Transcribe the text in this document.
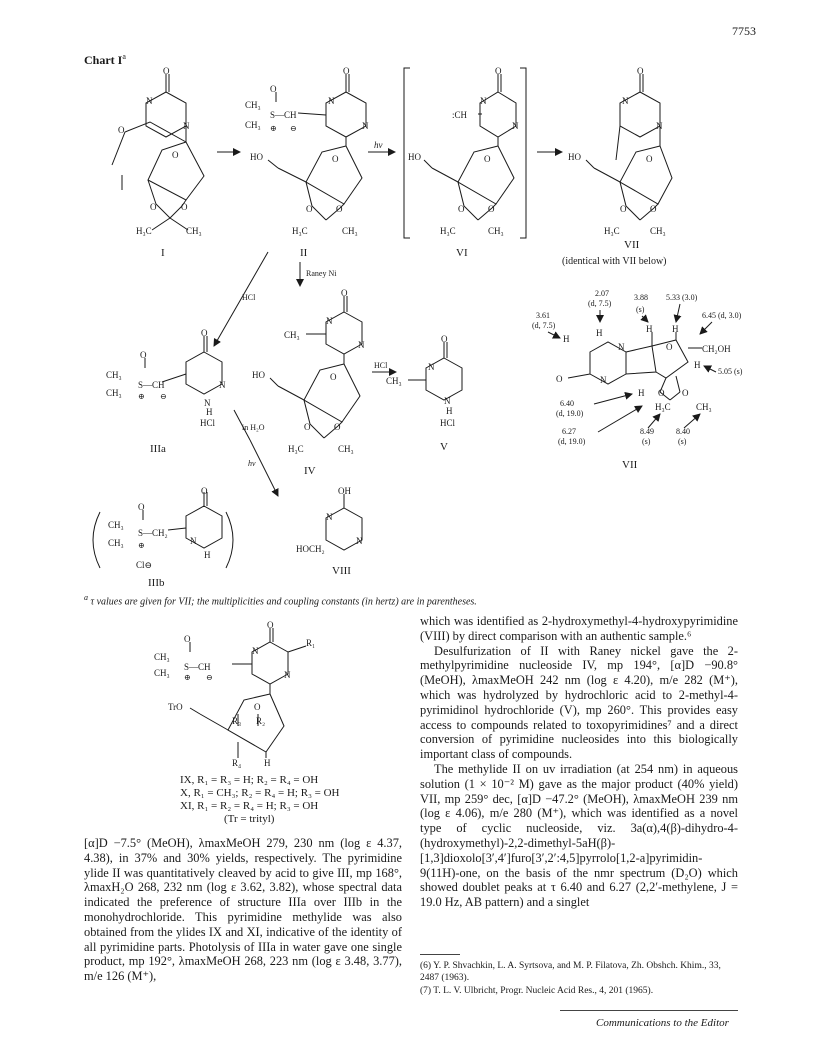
7753
Chart $I^a$
O
N
N
O
O
O	O
H₃C	CH₃
I
O
N
N
CH₃
CH₃
S—CH
O
⊕ ⊖
HO	O
O	O
H₃C	CH₃
II
hν
O
N
N
:CH
HO	O
O	O
H₃C	CH₃
VI
O
N
N
HO	O
O	O
H₃C	CH₃
VII
(identical with VII below)
HCl
Raney Ni
O
N
N
H
HCl
CH₃
CH₃
S—CH
O
⊕ ⊖
IIIa
in H₂O
hν
O
N
N
CH₃
HO	O
O	O
H₃C	CH₃
IV
HCl
O
N
N
H
CH₃
HCl
V
O	N
N
H
H	H H
O	CH₂OH
H
H
H₃C	CH₃
O O
2.07
(d, 7.5)
3.61
(d, 7.5)
3.88
(s)
5.33 (3.0)
6.45 (d, 3.0)
5.05 (s)
6.40
(d, 19.0)
6.27
(d, 19.0)
8.49
(s)
8.40
(s)
VII
O
N
H
CH₃
CH₃
S—CH₂
O
⊕
Cl⊖
IIIb
OH
N
N
HOCH₂
VIII
$^a$ τ values are given for VII; the multiplicities and coupling constants (in hertz) are in parentheses.
O
N
N
R₁
CH₃
CH₃
S—CH
O
⊕ ⊖
TrO	O
R₃ R₂
R₄	H
IX, R₁ = R₃ = H; R₂ = R₄ = OH
X, R₁ = CH₃; R₂ = R₄ = H; R₃ = OH
XI, R₁ = R₂ = R₄ = H; R₃ = OH
(Tr = trityl)

[α]D −7.5° (MeOH), λmaxMeOH 279, 230 nm (log ε 4.37, 4.38), in 37% and 30% yields, respectively. The pyrimidine ylide II was quantitatively cleaved by acid to give III, mp 168°, λmaxH₂O 268, 232 nm (log ε 3.62, 3.82), whose spectral data indicated the preference of structure IIIa over IIIb in the monohydrochloride. This pyrimidine methylide was also obtained from the ylides IX and XI, indicative of the identity of all pyrimidine parts. Photolysis of IIIa in water gave one single product, mp 192°, λmaxMeOH 268, 223 nm (log ε 3.48, 3.77), m/e 126 (M⁺),

which was identified as 2-hydroxymethyl-4-hydroxypyrimidine (VIII) by direct comparison with an authentic sample.⁶

Desulfurization of II with Raney nickel gave the 2-methylpyrimidine nucleoside IV, mp 194°, [α]D −90.8° (MeOH), λmaxMeOH 242 nm (log ε 4.20), m/e 282 (M⁺), which was hydrolyzed by hydrochloric acid to 2-methyl-4-pyrimidinol hydrochloride (V), mp 260°. This provides easy access to compounds related to toxopyrimidines⁷ and a direct conversion of pyrimidine nucleosides into this biologically important class of compounds.

The methylide II on uv irradiation (at 254 nm) in aqueous solution (1 × 10⁻² M) gave as the major product (40% yield) VII, mp 259° dec, [α]D −47.2° (MeOH), λmaxMeOH 239 nm (log ε 4.06), m/e 280 (M⁺), which was identified as a novel type of cyclic nucleoside, viz. 3a(α),4(β)-dihydro-4-(hydroxymethyl)-2,2-dimethyl-5aH(β)-[1,3]dioxolo[3′,4′]furo[3′,2′:4,5]pyrrolo[1,2-a]pyrimidin-9(11H)-one, on the basis of the nmr spectrum (D₂O) which showed doublet peaks at τ 6.40 and 6.27 (2,2′-methylene, J = 19.0 Hz, AB pattern) and a singlet

(6) Y. P. Shvachkin, L. A. Syrtsova, and M. P. Filatova, Zh. Obshch. Khim., 33, 2487 (1963).

(7) T. L. V. Ulbricht, Progr. Nucleic Acid Res., 4, 201 (1965).

Communications to the Editor
